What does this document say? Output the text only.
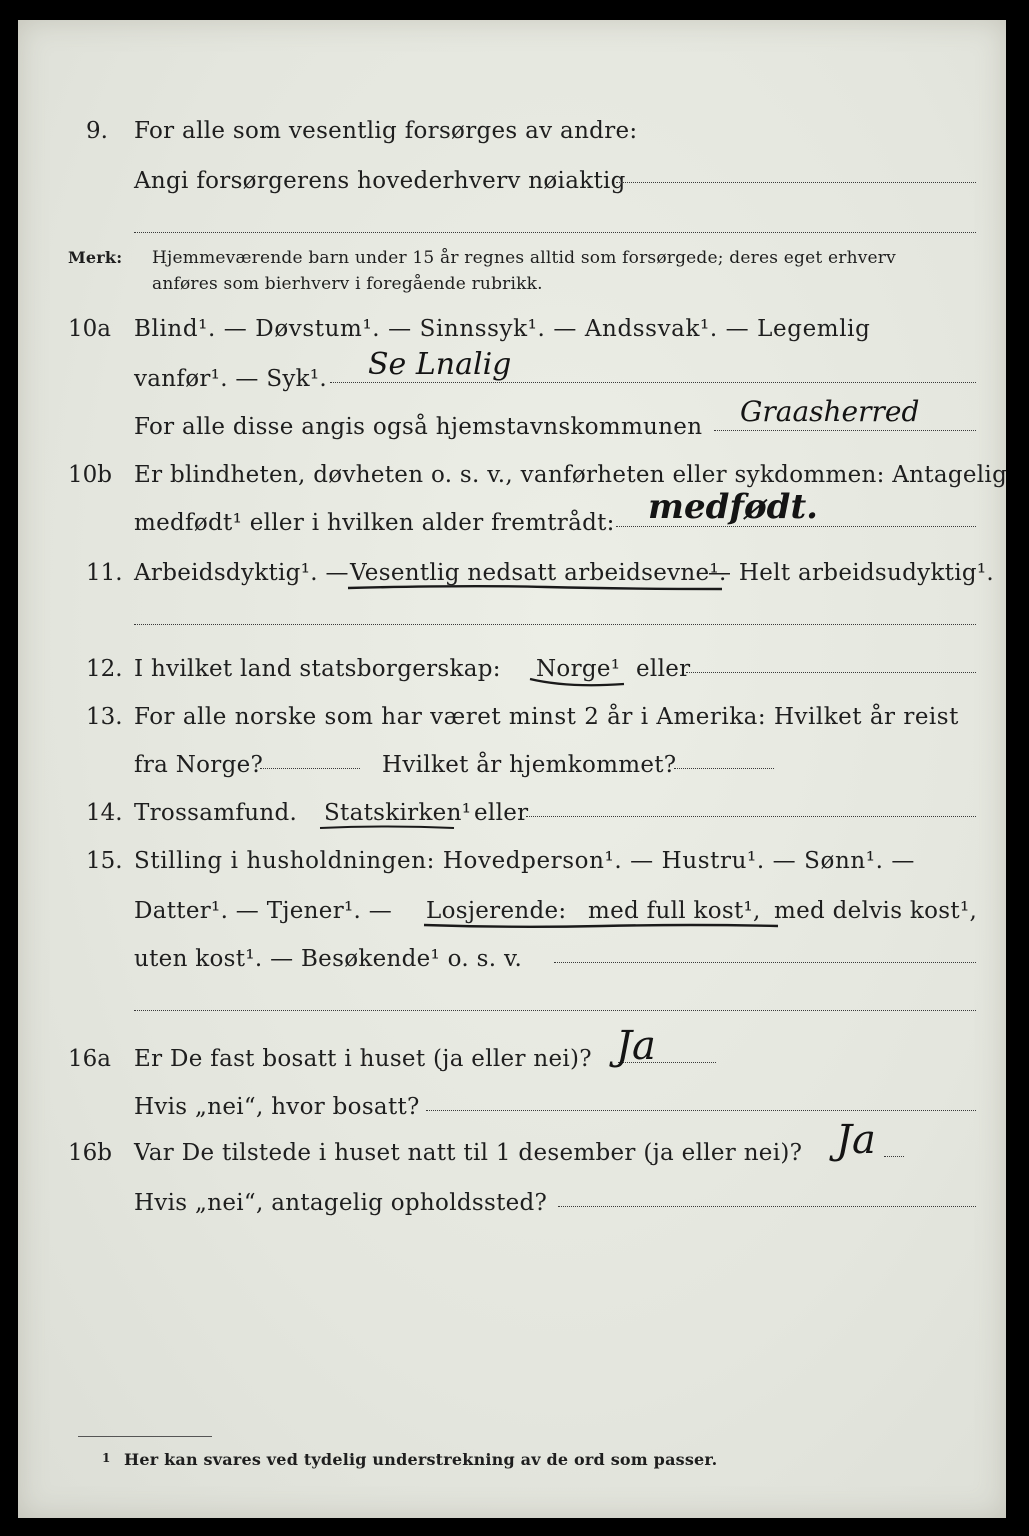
9. For alle som vesentlig forsørges av andre:
Angi forsørgerens hovederhverv nøiaktig
Merk: Hjemmeværende barn under 15 år regnes alltid som forsørgede; deres eget erhverv
anføres som bierhverv i foregående rubrikk.
10a Blind¹. — Døvstum¹. — Sinnssyk¹. — Andssvak¹. — Legemlig
vanfør¹. — Syk¹. Se Lnalig
For alle disse angis også hjemstavnskommunen Graasherred
10b Er blindheten, døvheten o. s. v., vanførheten eller sykdommen: Antagelig
medfødt¹ eller i hvilken alder fremtrådt: medfødt.
11. Arbeidsdyktig¹. — Vesentlig nedsatt arbeidsevne¹.
— Helt arbeidsudyktig¹.
12. I hvilket land statsborgerskap: Norge¹ eller
13. For alle norske som har været minst 2 år i Amerika: Hvilket år reist
fra Norge?	Hvilket år hjemkommet?
14. Trossamfund. Statskirken¹ eller
15. Stilling i husholdningen: Hovedperson¹. — Hustru¹. — Sønn¹. —
Datter¹. — Tjener¹. — Losjerende: med full kost¹, med delvis kost¹,
uten kost¹. — Besøkende¹ o. s. v.
16a Er De fast bosatt i huset (ja eller nei)? Ja
Hvis „nei“, hvor bosatt?
16b Var De tilstede i huset natt til 1 desember (ja eller nei)? Ja
Hvis „nei“, antagelig opholdssted?
1 Her kan svares ved tydelig understrekning av de ord som passer.
